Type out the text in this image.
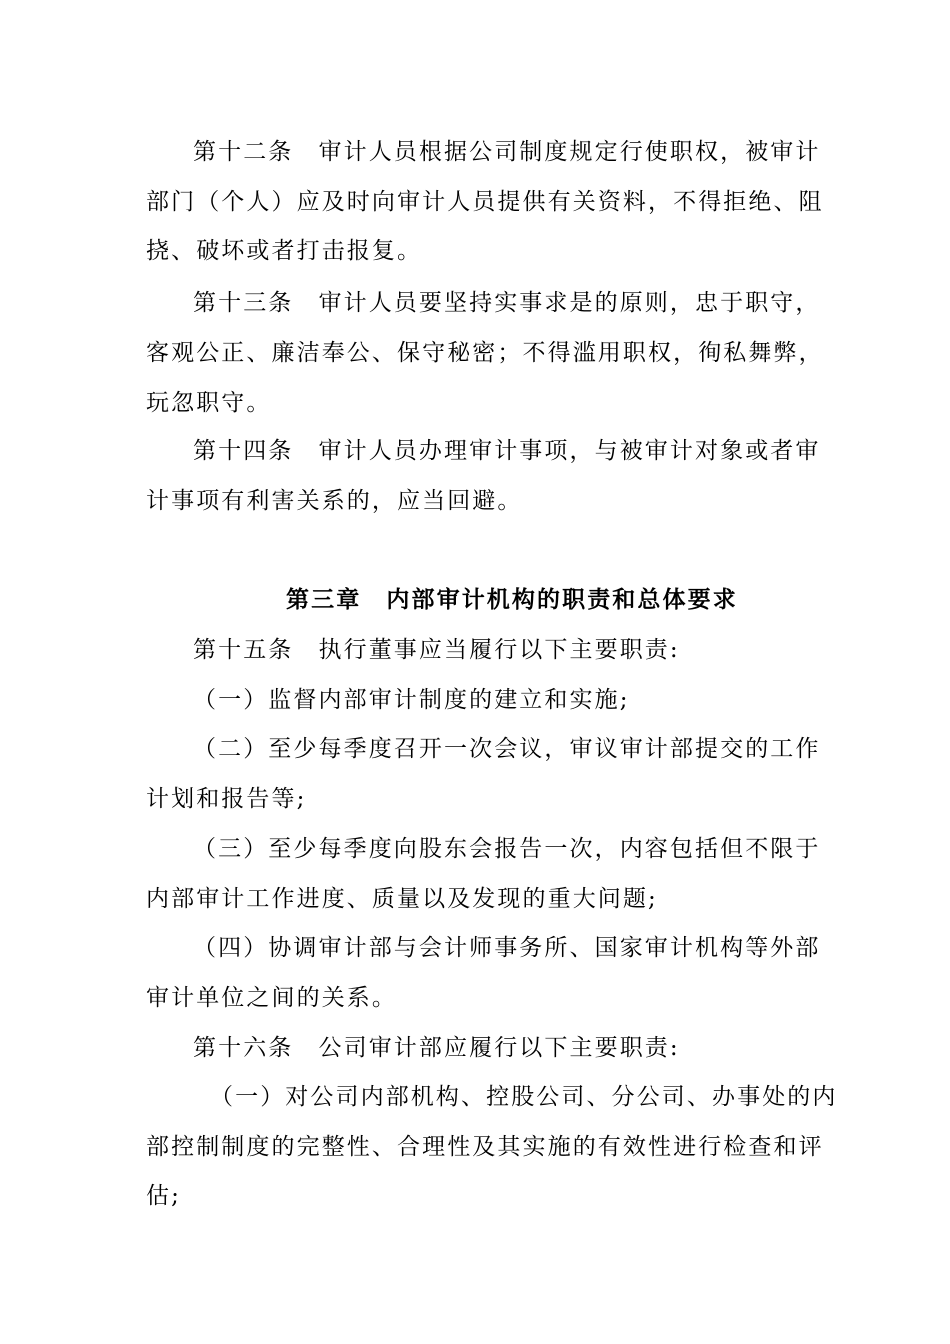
第十二条　审计人员根据公司制度规定行使职权，被审计
部门（个人）应及时向审计人员提供有关资料，不得拒绝、阻
挠、破坏或者打击报复。
第十三条　审计人员要坚持实事求是的原则，忠于职守，
客观公正、廉洁奉公、保守秘密；不得滥用职权，徇私舞弊，
玩忽职守。
第十四条　审计人员办理审计事项，与被审计对象或者审
计事项有利害关系的，应当回避。
第三章　内部审计机构的职责和总体要求
第十五条　执行董事应当履行以下主要职责:
（一）监督内部审计制度的建立和实施;
（二）至少每季度召开一次会议，审议审计部提交的工作
计划和报告等;
（三）至少每季度向股东会报告一次，内容包括但不限于
内部审计工作进度、质量以及发现的重大问题;
（四）协调审计部与会计师事务所、国家审计机构等外部
审计单位之间的关系。
第十六条　公司审计部应履行以下主要职责:
（一）对公司内部机构、控股公司、分公司、办事处的内
部控制制度的完整性、合理性及其实施的有效性进行检查和评
估;
